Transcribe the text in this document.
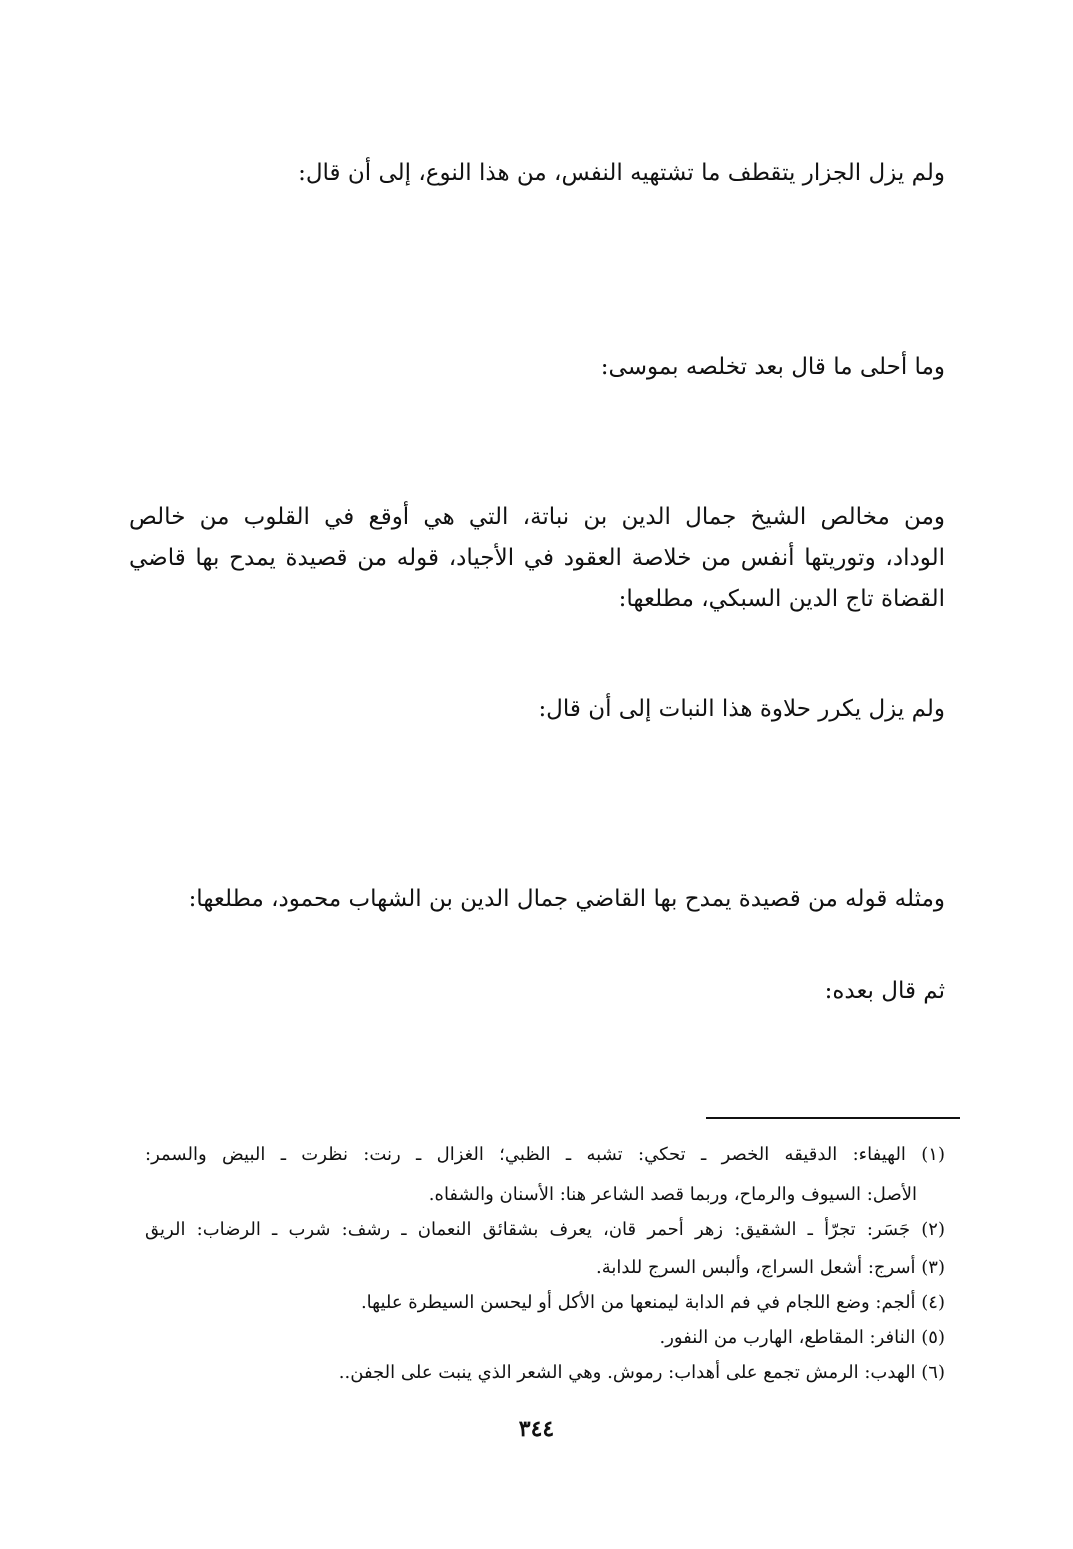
ولم يزل الجزار يتقطف ما تشتهيه النفس، من هذا النوع، إلى أن قال:
وما أحلى ما قال بعد تخلصه بموسى:
ومن مخالص الشيخ جمال الدين بن نباتة، التي هي أوقع في القلوب من خالص
الوداد، وتوريتها أنفس من خلاصة العقود في الأجياد، قوله من قصيدة يمدح بها قاضي
القضاة تاج الدين السبكي، مطلعها:
ولم يزل يكرر حلاوة هذا النبات إلى أن قال:
ومثله قوله من قصيدة يمدح بها القاضي جمال الدين بن الشهاب محمود، مطلعها:
ثم قال بعده:
(١) الهيفاء: الدقيقه الخصر ـ تحكي: تشبه ـ الظبي؛ الغزال ـ رنت: نظرت ـ البيض والسمر:
الأصل: السيوف والرماح، وربما قصد الشاعر هنا: الأسنان والشفاه.
(٢) جَسَر: تجرّأ ـ الشقيق: زهر أحمر قان، يعرف بشقائق النعمان ـ رشف: شرب ـ الرضاب: الريق
(٣) أسرج: أشعل السراج، وألبس السرج للدابة.
(٤) ألجم: وضع اللجام في فم الدابة ليمنعها من الأكل أو ليحسن السيطرة عليها.
(٥) النافر: المقاطع، الهارب من النفور.
(٦) الهدب: الرمش تجمع على أهداب: رموش. وهي الشعر الذي ينبت على الجفن..
٣٤٤
